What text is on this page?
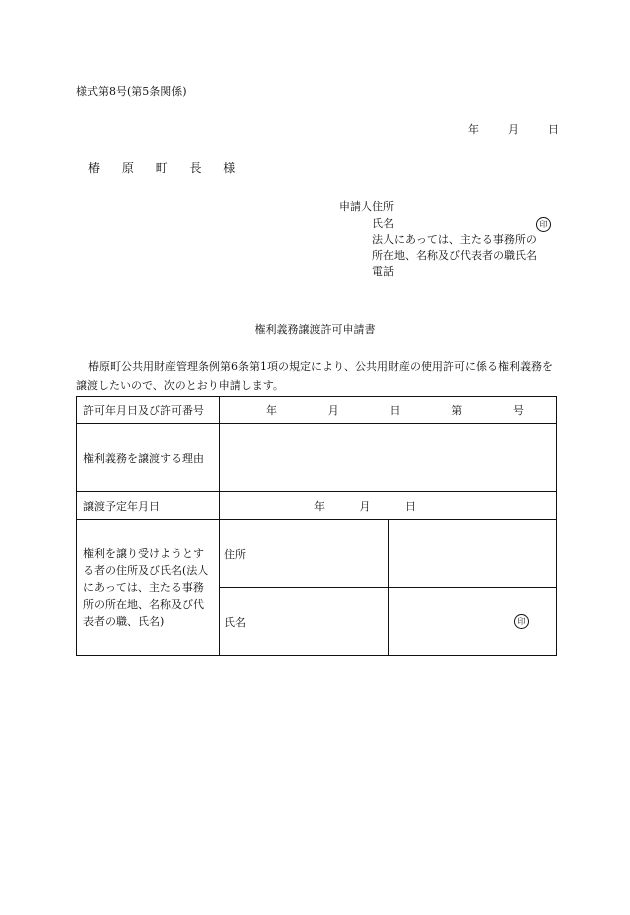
様式第8号(第5条関係)
年	月	日
椿 原 町 長 様
申請人住所
氏名
法人にあっては、主たる事務所の
所在地、名称及び代表者の職氏名
電話
印
権利義務譲渡許可申請書
椿原町公共用財産管理条例第6条第1項の規定により、公共用財産の使用許可に係る権利義務を譲渡したいので、次のとおり申請します。
許可年月日及び許可番号	年 月 日 第 号	

権利義務を譲渡する理由		
譲渡予定年月日	年 月 日	

権利を譲り受けようとする者の住所及び氏名(法人にあっては、主たる事務所の所在地、名称及び代表者の職、氏名)	住所	
	氏名	印
